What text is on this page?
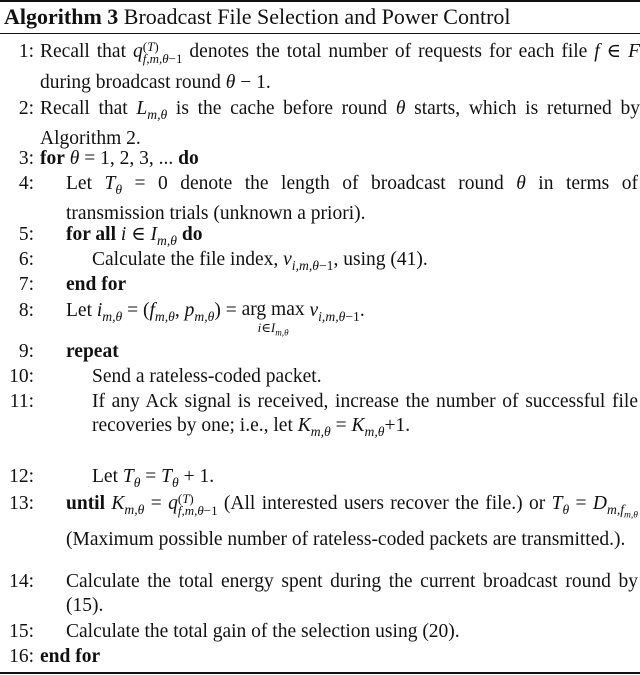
Algorithm 3 Broadcast File Selection and Power Control
1: Recall that q (T)
f,m,θ $_{-1}$ denotes the total number of requests for each file f ∈ F during broadcast round θ − 1.
2: Recall that $L_{m,\theta}$ is the cache before round θ starts, which is returned by Algorithm 2.
3: for θ = 1, 2, 3, ... do
4: Let $T_\theta = 0$ denote the length of broadcast round θ in terms of transmission trials (unknown a priori).
5: for all i ∈ $I_{m,\theta}$ do
6:	Calculate the file index, $\nu_{i,m,\theta-1}$, using (41).
7: end for
8: Let $i_{m,\theta} = (f_{m,\theta}$, $p_{m,\theta}$) = arg max
$i\in I_{m,\theta}$
$\nu_{i,m,\theta-1}$.
9: repeat
10:	Send a rateless-coded packet.
11:	If any Ack signal is received, increase the number of successful file recoveries by one; i.e., let $K_{m,\theta} = K_{m,\theta}+1$.
12:	Let $T_\theta = T_\theta + 1$.
13: until $K_{m,\theta} = q$ (T)
f,m,θ $_{-1}$ (All interested users recover the file.) or $T_\theta = D_{m,f_{m,\theta}}$ (Maximum possible number of rateless-coded packets are transmitted.).
14: Calculate the total energy spent during the current broadcast round by (15).
15: Calculate the total gain of the selection using (20).
16: end for
